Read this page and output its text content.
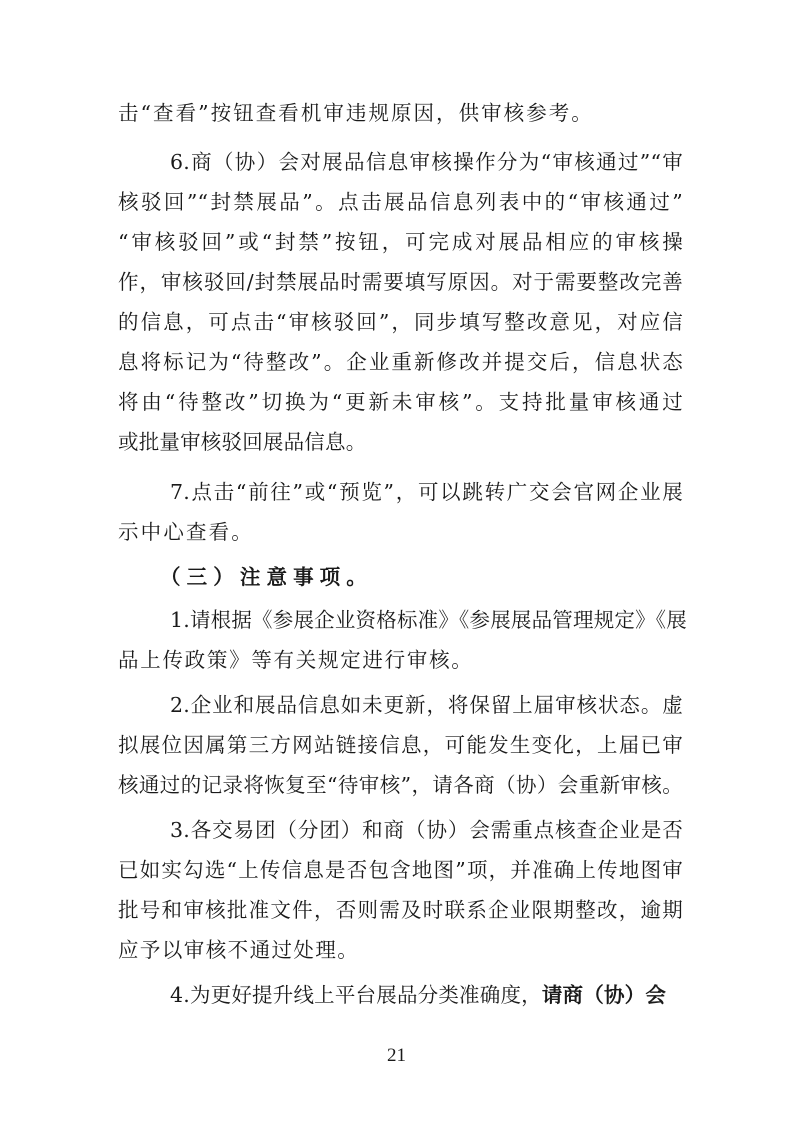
击“查看”按钮查看机审违规原因，供审核参考。
6.商（协）会对展品信息审核操作分为“审核通过”“审
核驳回”“封禁展品”。点击展品信息列表中的“审核通过”
“审核驳回”或“封禁”按钮，可完成对展品相应的审核操
作，审核驳回/封禁展品时需要填写原因。对于需要整改完善
的信息，可点击“审核驳回”，同步填写整改意见，对应信
息将标记为“待整改”。企业重新修改并提交后，信息状态
将由“待整改”切换为“更新未审核”。支持批量审核通过
或批量审核驳回展品信息。
7.点击“前往”或“预览”，可以跳转广交会官网企业展
示中心查看。
（三）注意事项。
1.请根据《参展企业资格标准》《参展展品管理规定》《展
品上传政策》等有关规定进行审核。
2.企业和展品信息如未更新，将保留上届审核状态。虚
拟展位因属第三方网站链接信息，可能发生变化，上届已审
核通过的记录将恢复至“待审核”，请各商（协）会重新审核。
3.各交易团（分团）和商（协）会需重点核查企业是否
已如实勾选“上传信息是否包含地图”项，并准确上传地图审
批号和审核批准文件，否则需及时联系企业限期整改，逾期
应予以审核不通过处理。
4.为更好提升线上平台展品分类准确度，请商（协）会
21
